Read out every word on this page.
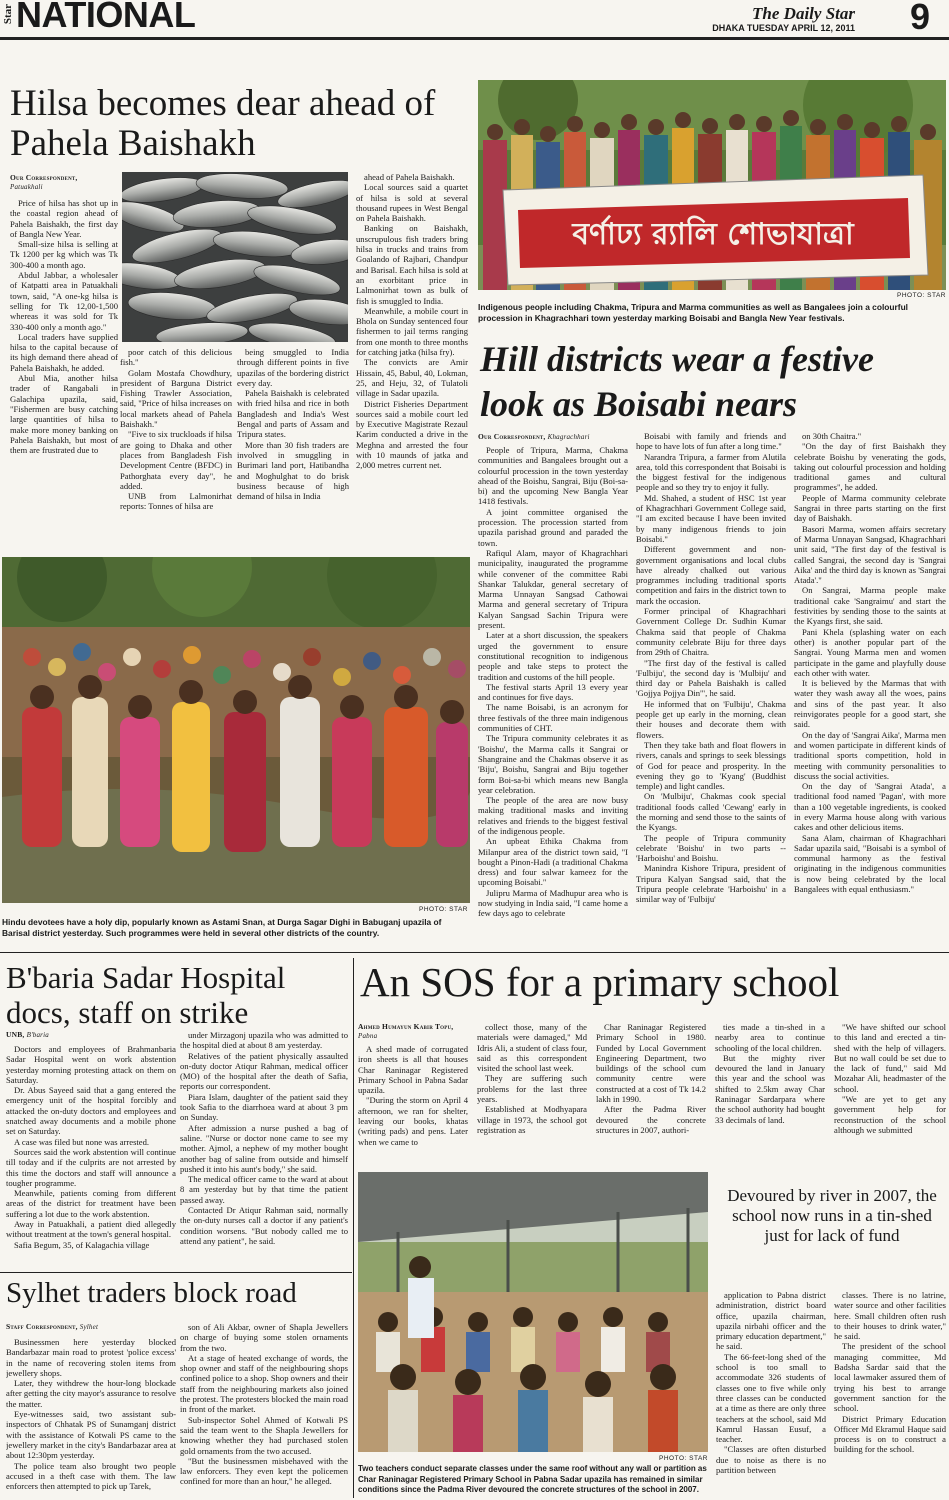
Star NATIONAL	The Daily Star
DHAKA TUESDAY APRIL 12, 2011 9
Hilsa becomes dear ahead of Pahela Baishakh
Our Correspondent,
Patuakhali

Price of hilsa has shot up in the coastal region ahead of Pahela Baishakh, the first day of Bangla New Year.

Small-size hilsa is selling at Tk 1200 per kg which was Tk 300-400 a month ago.

Abdul Jabbar, a wholesaler of Katpatti area in Patuakhali town, said, "A one-kg hilsa is selling for Tk 12,00-1,500 whereas it was sold for Tk 330-400 only a month ago."

Local traders have supplied hilsa to the capital because of its high demand there ahead of Pahela Baishakh, he added.

Abul Mia, another hilsa trader of Rangabali in Galachipa upazila, said, "Fishermen are busy catching large quantities of hilsa to make more money banking on Pahela Baishakh, but most of them are frustrated due to

poor catch of this delicious fish."

Golam Mostafa Chowdhury, president of Barguna District Fishing Trawler Association, said, "Price of hilsa increases on local markets ahead of Pahela Baishakh."

"Five to six truckloads if hilsa are going to Dhaka and other places from Bangladesh Fish Development Centre (BFDC) in Pathorghata every day", he added.

UNB from Lalmonirhat reports: Tonnes of hilsa are

being smuggled to India through different points in five upazilas of the bordering district every day.

Pahela Baishakh is celebrated with fried hilsa and rice in both Bangladesh and India's West Bengal and parts of Assam and Tripura states.

More than 30 fish traders are involved in smuggling in Burimari land port, Hatibandha and Moghulghat to do brisk business because of high demand of hilsa in India

ahead of Pahela Baishakh.

Local sources said a quartet of hilsa is sold at several thousand rupees in West Bengal on Pahela Baishakh.

Banking on Baishakh, unscrupulous fish traders bring hilsa in trucks and trains from Goalando of Rajbari, Chandpur and Barisal. Each hilsa is sold at an exorbitant price in Lalmonirhat town as bulk of fish is smuggled to India.

Meanwhile, a mobile court in Bhola on Sunday sentenced four fishermen to jail terms ranging from one month to three months for catching jatka (hilsa fry).

The convicts are Amir Hissain, 45, Babul, 40, Lokman, 25, and Heju, 32, of Tulatoli village in Sadar upazila.

District Fisheries Department sources said a mobile court led by Executive Magistrate Rezaul Karim conducted a drive in the Meghna and arrested the four with 10 maunds of jatka and 2,000 metres current net.

বর্ণাঢ্য র‍্যালি শোভাযাত্রা
PHOTO: STAR
Indigenous people including Chakma, Tripura and Marma communities as well as Bangalees join a colourful procession in Khagrachhari town yesterday marking Boisabi and Bangla New Year festivals.
Hill districts wear a festive look as Boisabi nears
Our Correspondent, Khagrachhari

People of Tripura, Marma, Chakma communities and Bangalees brought out a colourful procession in the town yesterday ahead of the Boishu, Sangrai, Biju (Boi-sa-bi) and the upcoming New Bangla Year 1418 festivals.

A joint committee organised the procession. The procession started from upazila parishad ground and paraded the town.

Rafiqul Alam, mayor of Khagrachhari municipality, inaugurated the programme while convener of the committee Rabi Shankar Talukdar, general secretary of Marma Unnayan Sangsad Cathowai Marma and general secretary of Tripura Kalyan Sangsad Sachin Tripura were present.

Later at a short discussion, the speakers urged the government to ensure constitutional recognition to indigenous people and take steps to protect the tradition and customs of the hill people.

The festival starts April 13 every year and continues for five days.

The name Boisabi, is an acronym for three festivals of the three main indigenous communities of CHT.

The Tripura community celebrates it as 'Boishu', the Marma calls it Sangrai or Shangraine and the Chakmas observe it as 'Biju', Boishu, Sangrai and Biju together form Boi-sa-bi which means new Bangla year celebration.

The people of the area are now busy making traditional masks and inviting relatives and friends to the biggest festival of the indigenous people.

An upbeat Ethika Chakma from Milanpur area of the district town said, "I bought a Pinon-Hadi (a traditional Chakma dress) and four salwar kameez for the upcoming Boisabi."

Julipru Marma of Madhupur area who is now studying in India said, "I came home a few days ago to celebrate

Boisabi with family and friends and hope to have lots of fun after a long time."

Narandra Tripura, a farmer from Alutila area, told this correspondent that Boisabi is the biggest festival for the indigenous people and so they try to enjoy it fully.

Md. Shahed, a student of HSC 1st year of Khagrachhari Government College said, "I am excited because I have been invited by many indigenous friends to join Boisabi."

Different government and non-government organisations and local clubs have already chalked out various programmes including traditional sports competition and fairs in the district town to mark the occasion.

Former principal of Khagrachhari Government College Dr. Sudhin Kumar Chakma said that people of Chakma community celebrate Biju for three days from 29th of Chaitra.

"The first day of the festival is called 'Fulbiju', the second day is 'Mulbiju' and third day or Pahela Baishakh is called 'Gojjya Pojjya Din'", he said.

He informed that on 'Fulbiju', Chakma people get up early in the morning, clean their houses and decorate them with flowers.

Then they take bath and float flowers in rivers, canals and springs to seek blessings of God for peace and prosperity. In the evening they go to 'Kyang' (Buddhist temple) and light candles.

On 'Mulbiju', Chakmas cook special traditional foods called 'Cewang' early in the morning and send those to the saints of the Kyangs.

The people of Tripura community celebrate 'Boishu' in two parts -- 'Harboishu' and Boishu.

Manindra Kishore Tripura, president of Tripura Kalyan Sangsad said, that the Tripura people celebrate 'Harboishu' in a similar way of 'Fulbiju'

on 30th Chaitra."

"On the day of first Baishakh they celebrate Boishu by venerating the gods, taking out colourful procession and holding traditional games and cultural programmes", he added.

People of Marma community celebrate Sangrai in three parts starting on the first day of Baishakh.

Basori Marma, women affairs secretary of Marma Unnayan Sangsad, Khagrachhari unit said, "The first day of the festival is called Sangrai, the second day is 'Sangrai Aika' and the third day is known as 'Sangrai Atada'."

On Sangrai, Marma people make traditional cake 'Sangraimu' and start the festivities by sending those to the saints at the Kyangs first, she said.

Pani Khela (splashing water on each other) is another popular part of the Sangrai. Young Marma men and women participate in the game and playfully douse each other with water.

It is believed by the Marmas that with water they wash away all the woes, pains and sins of the past year. It also reinvigorates people for a good start, she said.

On the day of 'Sangrai Aika', Marma men and women participate in different kinds of traditional sports competition, hold in meeting with community personalities to discuss the social activities.

On the day of 'Sangrai Atada', a traditional food named 'Pagan', with more than a 100 vegetable ingredients, is cooked in every Marma house along with various cakes and other delicious items.

Sana Alam, chairman of Khagrachhari Sadar upazila said, "Boisabi is a symbol of communal harmony as the festival originating in the indigenous communities is now being celebrated by the local Bangalees with equal enthusiasm."

PHOTO: STAR
Hindu devotees have a holy dip, popularly known as Astami Snan, at Durga Sagar Dighi in Babuganj upazila of Barisal district yesterday. Such programmes were held in several other districts of the country.
B'baria Sadar Hospital docs, staff on strike
UNB, B'baria

Doctors and employees of Brahmanbaria Sadar Hospital went on work abstention yesterday morning protesting attack on them on Saturday.

Dr. Abus Sayeed said that a gang entered the emergency unit of the hospital forcibly and attacked the on-duty doctors and employees and snatched away documents and a mobile phone set on Saturday.

A case was filed but none was arrested.

Sources said the work abstention will continue till today and if the culprits are not arrested by this time the doctors and staff will announce a tougher programme.

Meanwhile, patients coming from different areas of the district for treatment have been suffering a lot due to the work abstention.

Away in Patuakhali, a patient died allegedly without treatment at the town's general hospital.

Safia Begum, 35, of Kalagachia village

under Mirzagonj upazila who was admitted to the hospital died at about 8 am yesterday.

Relatives of the patient physically assaulted on-duty doctor Atiqur Rahman, medical officer (MO) of the hospital after the death of Safia, reports our correspondent.

Piara Islam, daughter of the patient said they took Safia to the diarrhoea ward at about 3 pm on Sunday.

After admission a nurse pushed a bag of saline. "Nurse or doctor none came to see my mother. Ajmol, a nephew of my mother bought another bag of saline from outside and himself pushed it into his aunt's body," she said.

The medical officer came to the ward at about 8 am yesterday but by that time the patient passed away.

Contacted Dr Atiqur Rahman said, normally the on-duty nurses call a doctor if any patient's condition worsens. "But nobody called me to attend any patient", he said.

Sylhet traders block road
Staff Correspondent, Sylhet

Businessmen here yesterday blocked Bandarbazar main road to protest 'police excess' in the name of recovering stolen items from jewellery shops.

Later, they withdrew the hour-long blockade after getting the city mayor's assurance to resolve the matter.

Eye-witnesses said, two assistant sub-inspectors of Chhatak PS of Sunamganj district with the assistance of Kotwali PS came to the jewellery market in the city's Bandarbazar area at about 12:30pm yesterday.

The police team also brought two people accused in a theft case with them. The law enforcers then attempted to pick up Tarek,

son of Ali Akbar, owner of Shapla Jewellers on charge of buying some stolen ornaments from the two.

At a stage of heated exchange of words, the shop owner and staff of the neighbouring shops confined police to a shop. Shop owners and their staff from the neighbouring markets also joined the protest. The protesters blocked the main road in front of the market.

Sub-inspector Sohel Ahmed of Kotwali PS said the team went to the Shapla Jewellers for knowing whether they had purchased stolen gold ornaments from the two accused.

"But the businessmen misbehaved with the law enforcers. They even kept the policemen confined for more than an hour," he alleged.

An SOS for a primary school
Ahmed Humayun Kabir Topu, Pabna

A shed made of corrugated iron sheets is all that houses Char Raninagar Registered Primary School in Pabna Sadar upazila.

"During the storm on April 4 afternoon, we ran for shelter, leaving our books, khatas (writing pads) and pens. Later when we came to

collect those, many of the materials were damaged," Md Idris Ali, a student of class four, said as this correspondent visited the school last week.

They are suffering such problems for the last three years.

Established at Modhyapara village in 1973, the school got registration as

Char Raninagar Registered Primary School in 1980. Funded by Local Government Engineering Department, two buildings of the school cum community centre were constructed at a cost of Tk 14.2 lakh in 1990.

After the Padma River devoured the concrete structures in 2007, authori-

ties made a tin-shed in a nearby area to continue schooling of the local children.

But the mighty river devoured the land in January this year and the school was shifted to 2.5km away Char Raninagar Sardarpara where the school authority had bought 33 decimals of land.

"We have shifted our school to this land and erected a tin-shed with the help of villagers. But no wall could be set due to the lack of fund," said Md Mozahar Ali, headmaster of the school.

"We are yet to get any government help for reconstruction of the school although we submitted

Devoured by river in 2007, the school now runs in a tin-shed just for lack of fund
PHOTO: STAR
Two teachers conduct separate classes under the same roof without any wall or partition as Char Raninagar Registered Primary School in Pabna Sadar upazila has remained in similar conditions since the Padma River devoured the concrete structures of the school in 2007.

application to Pabna district administration, district board office, upazila chairman, upazila nirbahi officer and the primary education department," he said.

The 66-feet-long shed of the school is too small to accommodate 326 students of classes one to five while only three classes can be conducted at a time as there are only three teachers at the school, said Md Kamrul Hassan Eusuf, a teacher.

"Classes are often disturbed due to noise as there is no partition between

classes. There is no latrine, water source and other facilities here. Small children often rush to their houses to drink water," he said.

The president of the school managing committee, Md Badsha Sardar said that the local lawmaker assured them of trying his best to arrange government sanction for the school.

District Primary Education Officer Md Ekramul Haque said process is on to construct a building for the school.
